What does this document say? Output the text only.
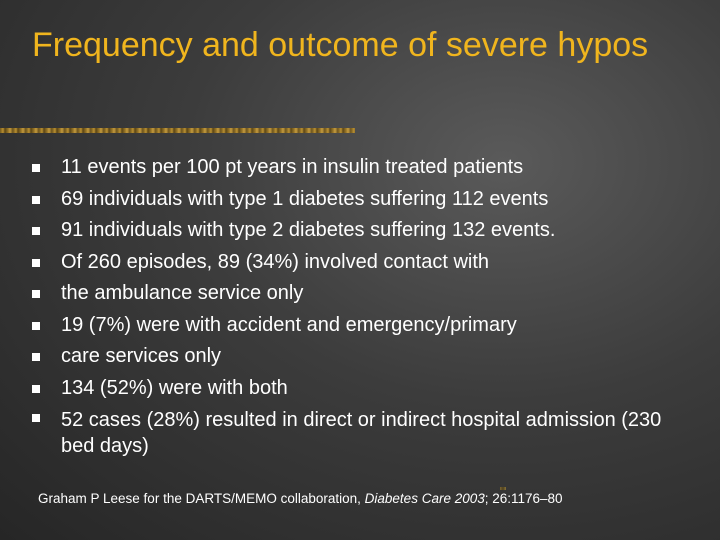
Frequency and outcome of severe hypos
11 events per 100 pt years in insulin treated patients
69 individuals with type 1 diabetes suffering 112 events
91 individuals with type 2 diabetes suffering 132 events.
Of 260 episodes, 89 (34%) involved contact with
the ambulance service only
19 (7%) were with accident and emergency/primary
care services only
134 (52%) were with both
52 cases (28%) resulted in direct or indirect hospital admission (230 bed days)
Graham P Leese for the DARTS/MEMO collaboration, Diabetes Care 2003; 26:1176–80
